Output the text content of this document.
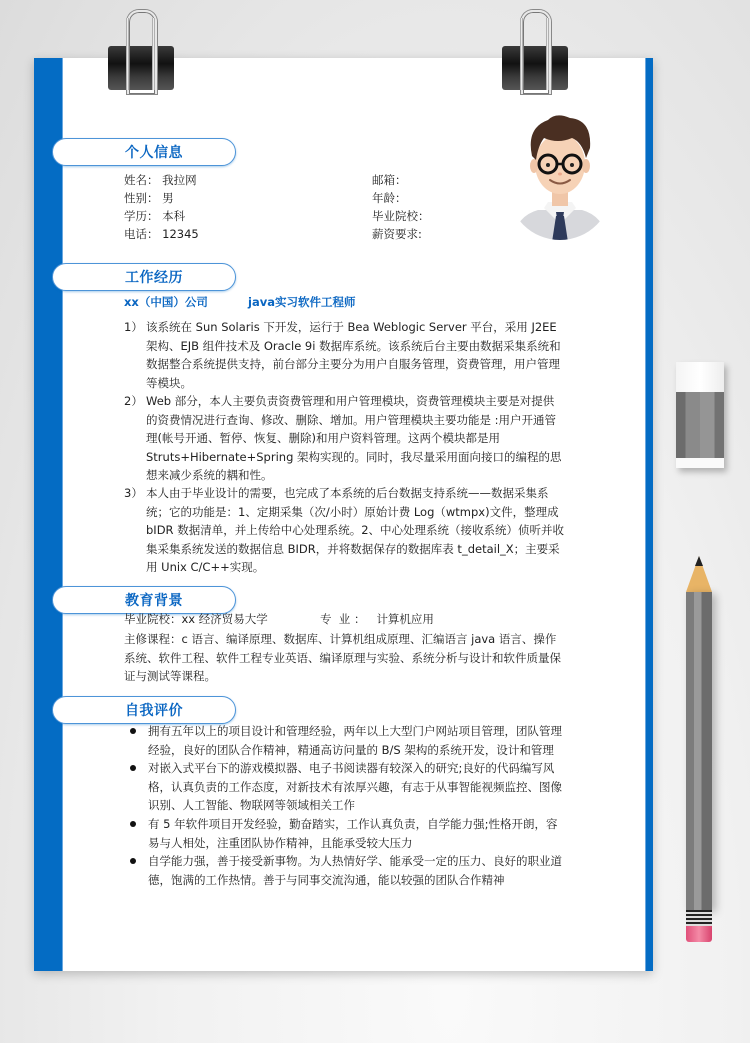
个人信息
姓名： 我拉网
性别： 男
学历： 本科
电话： 12345
邮箱：
年龄：
毕业院校：
薪资要求:
工作经历
xx（中国）公司	java实习软件工程师
1） 该系统在 Sun Solaris 下开发，运行于 Bea Weblogic Server 平台，采用 J2EE 架构、EJB 组件技术及 Oracle 9i 数据库系统。该系统后台主要由数据采集系统和数据整合系统提供支持，前台部分主要分为用户自服务管理，资费管理，用户管理等模块。
2） Web 部分，本人主要负责资费管理和用户管理模块，资费管理模块主要是对提供的资费情况进行查询、修改、删除、增加。用户管理模块主要功能是 :用户开通管理(帐号开通、暂停、恢复、删除)和用户资料管理。这两个模块都是用 Struts+Hibernate+Spring 架构实现的。同时，我尽量采用面向接口的编程的思想来减少系统的耦和性。
3） 本人由于毕业设计的需要，也完成了本系统的后台数据支持系统——数据采集系统；它的功能是：1、定期采集（次/小时）原始计费 Log（wtmpx)文件，整理成 bIDR 数据清单，并上传给中心处理系统。2、中心处理系统（接收系统）侦听并收集采集系统发送的数据信息 BIDR，并将数据保存的数据库表 t_detail_X；主要采用 Unix C/C++实现。
教育背景
毕业院校：xx 经济贸易大学	专  业 ： 计算机应用
主修课程：c 语言、编译原理、数据库、计算机组成原理、汇编语言 java 语言、操作系统、软件工程、软件工程专业英语、编译原理与实验、系统分析与设计和软件质量保证与测试等课程。
自我评价
拥有五年以上的项目设计和管理经验，两年以上大型门户网站项目管理，团队管理经验，良好的团队合作精神，精通高访问量的 B/S 架构的系统开发，设计和管理
对嵌入式平台下的游戏模拟器、电子书阅读器有较深入的研究;良好的代码编写风格，认真负责的工作态度，对新技术有浓厚兴趣，有志于从事智能视频监控、图像识别、人工智能、物联网等领域相关工作
有 5 年软件项目开发经验，勤奋踏实，工作认真负责，自学能力强;性格开朗，容易与人相处，注重团队协作精神，且能承受较大压力
自学能力强，善于接受新事物。为人热情好学、能承受一定的压力、良好的职业道德，饱满的工作热情。善于与同事交流沟通，能以较强的团队合作精神
